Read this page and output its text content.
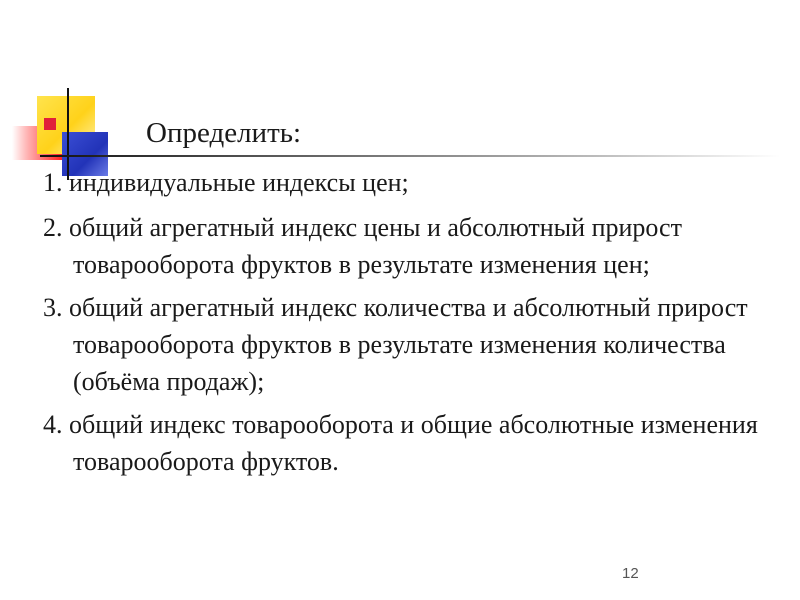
Определить:
1. индивидуальные индексы цен;
2. общий агрегатный индекс цены и абсолютный прирост товарооборота фруктов в результате изменения цен;
3. общий агрегатный индекс количества и абсолютный прирост товарооборота фруктов в результате изменения количества (объёма продаж);
4. общий индекс товарооборота и общие абсолютные изменения товарооборота фруктов.
12
